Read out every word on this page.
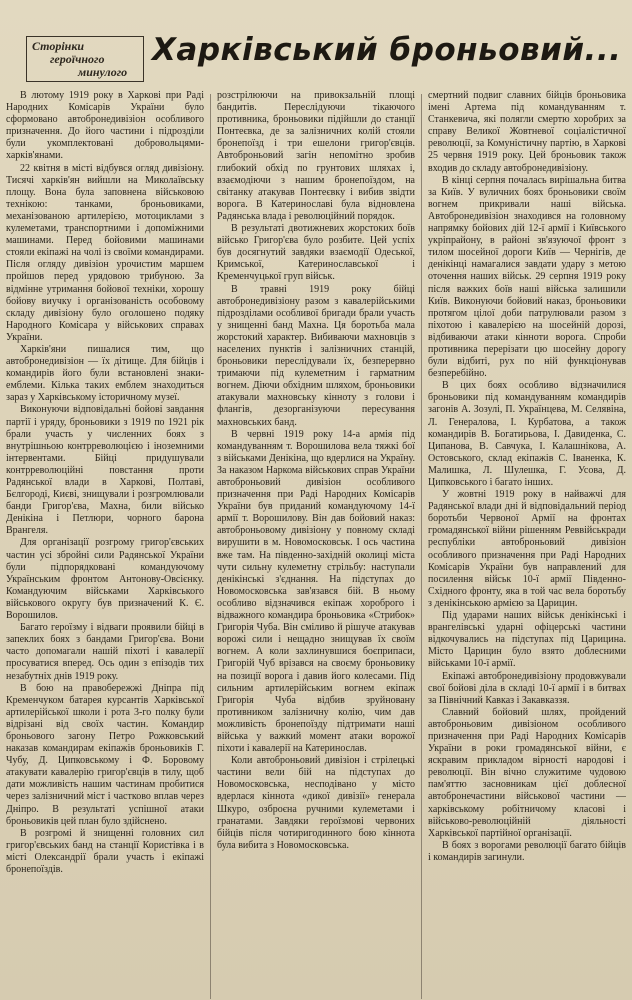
Сторінки
героїчного
минулого
Харківський броньовий...

В лютому 1919 року в Харкові при Раді Народних Комісарів України було сформовано автобронедивізіон особливого призначення. До його частини і підрозділи були укомплектовані добровольцями-харків'янами.

22 квітня в місті відбувся огляд дивізіону. Тисячі харків'ян вийшли на Миколаївську площу. Вона була заповнена військовою технікою: танками, броньовиками, механізованою артилерією, мотоциклами з кулеметами, транспортними і допоміжними машинами. Перед бойовими машинами стояли екіпажі на чолі із своїми командирами. Після огляду дивізіон урочистим маршем пройшов перед урядовою трибуною. За відмінне утримання бойової техніки, хорошу бойову виучку і організованість особовому складу дивізіону було оголошено подяку Народного Комісара у військових справах України.

Харків'яни пишалися тим, що автобронедивізіон — їх дітище. Для бійців і командирів його були встановлені знаки-емблеми. Кілька таких емблем знаходиться зараз у Харківському історичному музеї.

Виконуючи відповідальні бойові завдання партії і уряду, броньовики з 1919 по 1921 рік брали участь у численних боях з внутрішньою контрреволюцією і іноземними інтервентами. Бійці придушували контрреволюційні повстання проти Радянської влади в Харкові, Полтаві, Бєлгороді, Києві, знищували і розгромлювали банди Григор'єва, Махна, били військо Денікіна і Петлюри, чорного барона Врангеля.

Для організації розгрому григор'євських частин усі збройні сили Радянської України були підпорядковані командуючому Українським фронтом Антонову-Овсієнку. Командуючим військами Харківського військового округу був призначений К. Є. Ворошилов.

Багато героїзму і відваги проявили бійці в запеклих боях з бандами Григор'єва. Вони часто допомагали нашій піхоті і кавалерії просуватися вперед. Ось один з епізодів тих незабутніх днів 1919 року.

В бою на правобережжі Дніпра під Кременчуком батарея курсантів Харківської артилерійської школи і рота 3-го полку були відрізані від своїх частин. Командир броньового загону Петро Рожковський наказав командирам екіпажів броньовиків Г. Чубу, Д. Ципковському і Ф. Боровому атакувати кавалерію григор'євців в тилу, щоб дати можливість нашим частинам пробитися через залізничний міст і частково вплав через Дніпро. В результаті успішної атаки броньовиків цей план було здійснено.

В розгромі й знищенні головних сил григор'євських банд на станції Користівка і в місті Олександрії брали участь і екіпажі бронепоїздів.

розстрілюючи на привокзальній площі бандитів. Переслідуючи тікаючого противника, броньовики підійшли до станції Понтеєвка, де за залізничних колій стояли бронепоїзд і три ешелони григор'євців. Автоброньовий загін непомітно зробив глибокий обхід по грунтових шляхах і, взаємодіючи з нашим бронепоїздом, на світанку атакував Понтеєвку і вибив звідти ворога. В Катеринославі була відновлена Радянська влада і революційний порядок.

В результаті двотижневих жорстоких боїв військо Григор'єва було розбите. Цей успіх був досягнутий завдяки взаємодії Одеської, Кримської, Катеринославської і Кременчуцької груп військ.

В травні 1919 року бійці автобронедивізіону разом з кавалерійськими підрозділами особливої бригади брали участь у знищенні банд Махна. Ця боротьба мала жорстокий характер. Вибиваючи махновців з населених пунктів і залізничних станцій, броньовики переслідували їх, безперервно тримаючи під кулеметним і гарматним вогнем. Діючи обхідним шляхом, броньовики атакували махновську кінноту з голови і флангів, дезорганізуючи пересування махновських банд.

В червні 1919 року 14-а армія під командуванням т. Ворошилова вела тяжкі бої з військами Денікіна, що вдерлися на Україну. За наказом Наркома військових справ України автоброньовий дивізіон особливого призначення при Раді Народних Комісарів України був приданий командуючому 14-ї армії т. Ворошилову. Він дав бойовий наказ: автоброньовому дивізіону у повному складі вирушити в м. Новомосковськ. І ось частина вже там. На південно-західній околиці міста чути сильну кулеметну стрільбу: наступали денікінські з'єднання. На підступах до Новомосковська зав'язався бій. В ньому особливо відзначився екіпаж хороброго і відважного командира броньовика «Стрибок» Григорія Чуба. Він сміливо й рішуче атакував ворожі сили і нещадно знищував їх своїм вогнем. А коли захлинувшися боєприпаси, Григорій Чуб врізався на своєму броньовику на позиції ворога і давив його колесами. Під сильним артилерійським вогнем екіпаж Григорія Чуба відбив зруйновану противником залізничну колію, чим дав можливість бронепоїзду підтримати наші війська у важкий момент атаки ворожої піхоти і кавалерії на Катеринослав.

Коли автоброньовий дивізіон і стрілецькі частини вели бій на підступах до Новомосковська, несподівано у місто вдерлася кіннота «дикої дивізії» генерала Шкуро, озброєна ручними кулеметами і гранатами. Завдяки героїзмові червоних бійців після чотиригодинного бою кіннота була вибита з Новомосковська.

смертний подвиг славних бійців броньовика імені Артема під командуванням т. Станкевича, які полягли смертю хоробрих за справу Великої Жовтневої соціалістичної революції, за Комуністичну партію, в Харкові 25 червня 1919 року. Цей броньовик також входив до складу автобронедивізіону.

В кінці серпня почалась вирішальна битва за Київ. У вуличних боях броньовики своїм вогнем прикривали наші війська. Автобронедивізіон знаходився на головному напрямку бойових дій 12-ї армії і Київського укріпрайону, в районі зв'язуючої фронт з тилом шосейної дороги Київ — Чернігів, де денікінці намагалися завдати удару з метою оточення наших військ. 29 серпня 1919 року після важких боїв наші війська залишили Київ. Виконуючи бойовий наказ, броньовики протягом цілої доби патрулювали разом з піхотою і кавалерією на шосейній дорозі, відбиваючи атаки кінноти ворога. Спроби противника перерізати цю шосейну дорогу були відбиті, рух по ній функціонував безперебійно.

В цих боях особливо відзначилися броньовики під командуванням командирів загонів А. Зозулі, П. Українцева, М. Селявіна, Л. Генералова, І. Курбатова, а також командирів В. Богатирьова, І. Давиденка, С. Ципанова, В. Савчука, І. Калашнікова, А. Остовського, склад екіпажів С. Іваненка, К. Малишка, Л. Шулешка, Г. Усова, Д. Ципковського і багато інших.

У жовтні 1919 року в найважчі для Радянської влади дні й відповідальний період боротьби Червоної Армії на фронтах громадянської війни рішенням Реввійськради республіки автоброньовий дивізіон особливого призначення при Раді Народних Комісарів України був направлений для посилення військ 10-ї армії Південно-Східного фронту, яка в той час вела боротьбу з денікінською армією за Царицин.

Під ударами наших військ денікінські і врангелівські ударні офіцерські частини відкочувались на підступах під Царицина. Місто Царицин було взято доблесними військами 10-ї армії.

Екіпажі автобронедивізіону продовжували свої бойові діла в складі 10-ї армії і в битвах за Північний Кавказ і Закавказзя.

Славний бойовий шлях, пройдений автоброньовим дивізіоном особливого призначення при Раді Народних Комісарів України в роки громадянської війни, є яскравим прикладом вірності народові і революції. Він вічно служитиме чудовою пам'яттю засновникам цієї доблесної автобронечастини військової частини — харківському робітничому класові і військово-революційній діяльності Харківської партійної організації.

В боях з ворогами революції багато бійців і командирів загинули.
